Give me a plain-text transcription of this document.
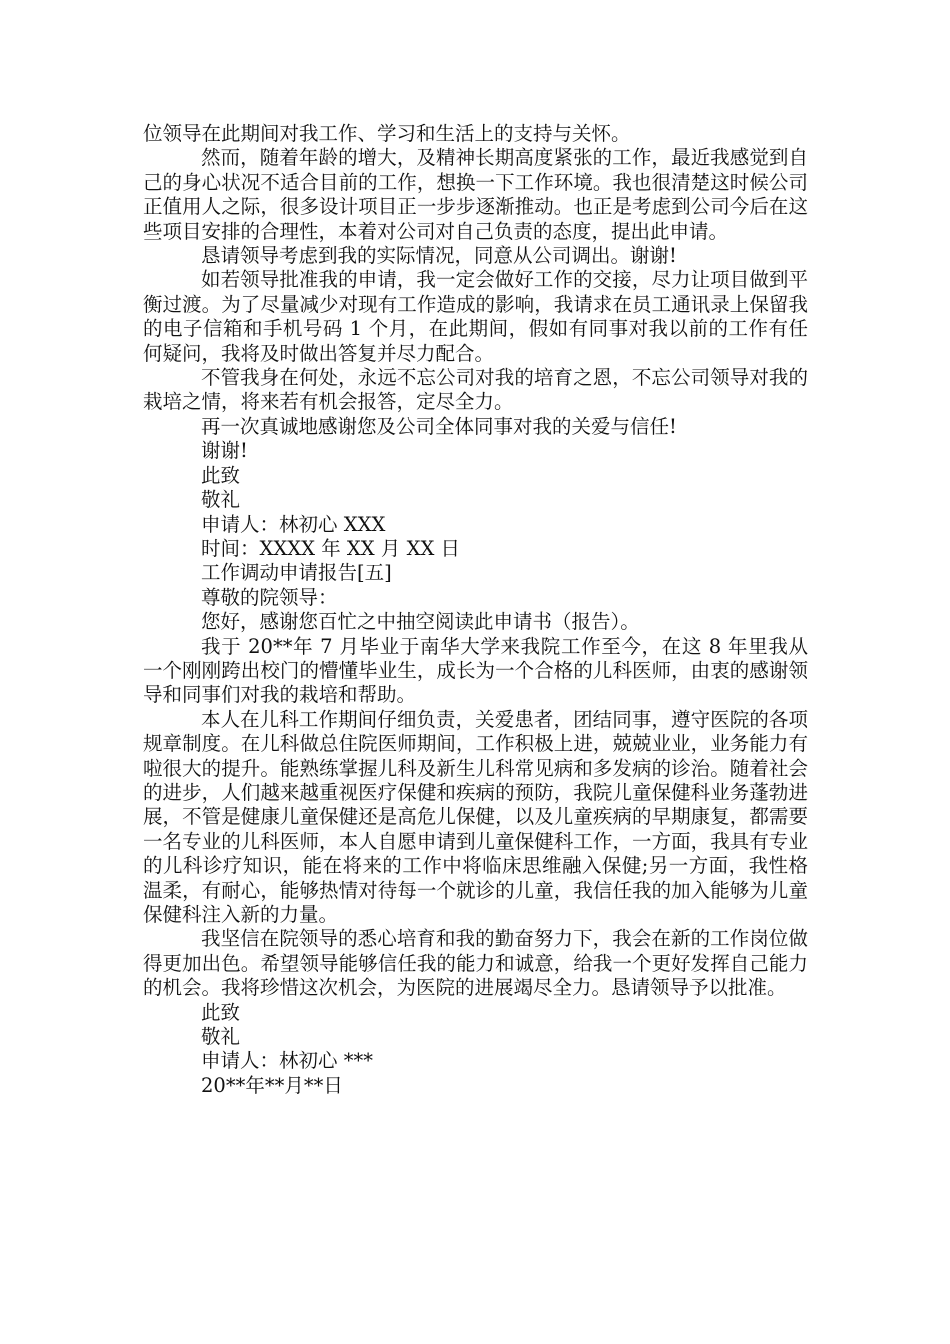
位领导在此期间对我工作、学习和生活上的支持与关怀。

然而，随着年龄的增大，及精神长期高度紧张的工作，最近我感觉到自己的身心状况不适合目前的工作，想换一下工作环境。我也很清楚这时候公司正值用人之际，很多设计项目正一步步逐渐推动。也正是考虑到公司今后在这些项目安排的合理性，本着对公司对自己负责的态度，提出此申请。

恳请领导考虑到我的实际情况，同意从公司调出。谢谢!

如若领导批准我的申请，我一定会做好工作的交接，尽力让项目做到平衡过渡。为了尽量减少对现有工作造成的影响，我请求在员工通讯录上保留我的电子信箱和手机号码 1 个月，在此期间，假如有同事对我以前的工作有任何疑问，我将及时做出答复并尽力配合。

不管我身在何处，永远不忘公司对我的培育之恩，不忘公司领导对我的栽培之情，将来若有机会报答，定尽全力。

再一次真诚地感谢您及公司全体同事对我的关爱与信任!

谢谢!

此致

敬礼

申请人：林初心 XXX

时间：XXXX 年 XX 月 XX 日

工作调动申请报告[五]

尊敬的院领导：

您好，感谢您百忙之中抽空阅读此申请书（报告）。

我于 20**年 7 月毕业于南华大学来我院工作至今，在这 8 年里我从一个刚刚跨出校门的懵懂毕业生，成长为一个合格的儿科医师，由衷的感谢领导和同事们对我的栽培和帮助。

本人在儿科工作期间仔细负责，关爱患者，团结同事，遵守医院的各项规章制度。在儿科做总住院医师期间，工作积极上进，兢兢业业，业务能力有啦很大的提升。能熟练掌握儿科及新生儿科常见病和多发病的诊治。随着社会的进步，人们越来越重视医疗保健和疾病的预防，我院儿童保健科业务蓬勃进展，不管是健康儿童保健还是高危儿保健，以及儿童疾病的早期康复，都需要一名专业的儿科医师，本人自愿申请到儿童保健科工作，一方面，我具有专业的儿科诊疗知识，能在将来的工作中将临床思维融入保健;另一方面，我性格温柔，有耐心，能够热情对待每一个就诊的儿童，我信任我的加入能够为儿童保健科注入新的力量。

我坚信在院领导的悉心培育和我的勤奋努力下，我会在新的工作岗位做得更加出色。希望领导能够信任我的能力和诚意，给我一个更好发挥自己能力的机会。我将珍惜这次机会，为医院的进展竭尽全力。恳请领导予以批准。

此致

敬礼

申请人：林初心 ***

20**年**月**日
